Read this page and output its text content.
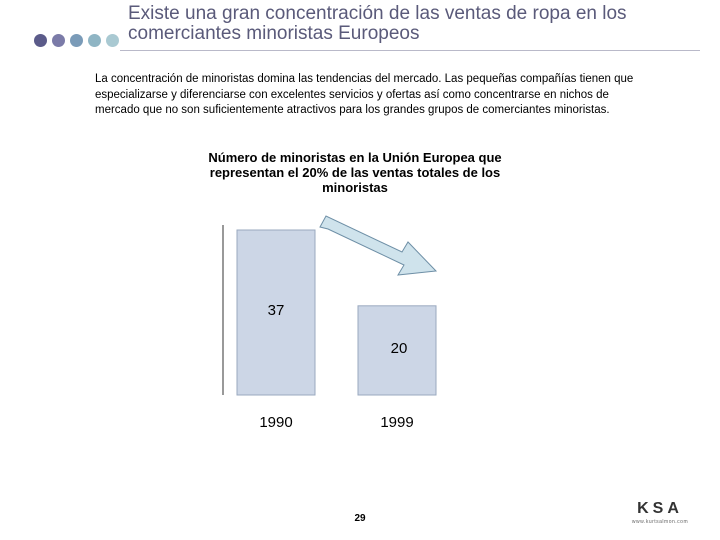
Existe una gran concentración de las ventas de ropa en los comerciantes minoristas Europeos
La concentración de minoristas domina las tendencias del mercado. Las pequeñas compañías tienen que especializarse y diferenciarse con excelentes servicios y ofertas así como concentrarse en nichos de mercado que no son suficientemente atractivos para los grandes grupos de comerciantes minoristas.
Número de minoristas en la Unión Europea que representan el 20% de las ventas totales de los minoristas
37
1990
20
1999
29
KSA
www.kurtsalmon.com
